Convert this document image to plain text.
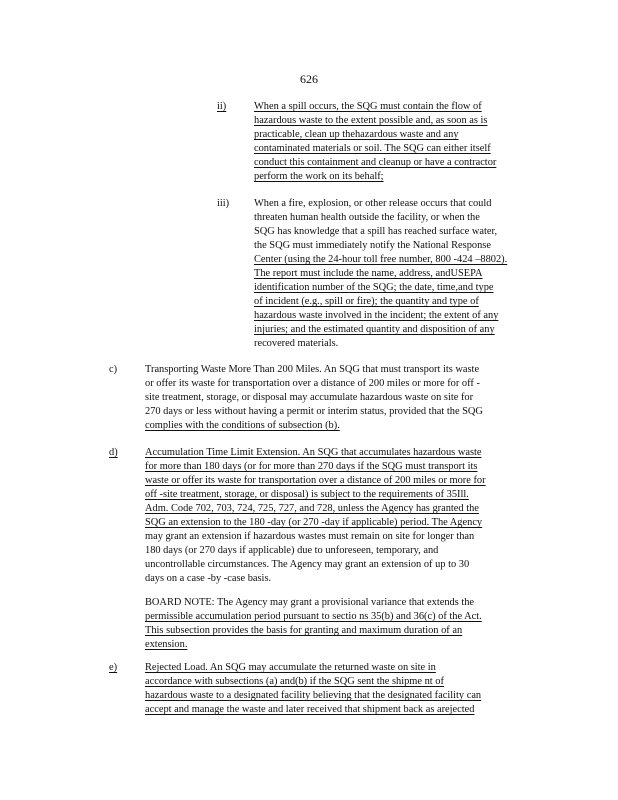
626
ii)	When a spill occurs, the SQG must contain the flow of
hazardous waste to the extent possible and, as soon as is
practicable, clean up thehazardous waste and any
contaminated materials or soil. The SQG can either itself
conduct this containment and cleanup or have a contractor
perform the work on its behalf;
iii) When a fire, explosion, or other release occurs that could
threaten human health outside the facility, or when the
SQG has knowledge that a spill has reached surface water,
the SQG must immediately notify the National Response
Center (using the 24-hour toll free number, 800 -424 –8802).
The report must include the name, address, andUSEPA
identification number of the SQG; the date, time,and type
of incident (e.g., spill or fire); the quantity and type of
hazardous waste involved in the incident; the extent of any
injuries; and the estimated quantity and disposition of any
recovered materials.
c)	Transporting Waste More Than 200 Miles. An SQG that must transport its waste
or offer its waste for transportation over a distance of 200 miles or more for off -
site treatment, storage, or disposal may accumulate hazardous waste on site for
270 days or less without having a permit or interim status, provided that the SQG
complies with the conditions of subsection (b).
d)	Accumulation Time Limit Extension. An SQG that accumulates hazardous waste
for more than 180 days (or for more than 270 days if the SQG must transport its
waste or offer its waste for transportation over a distance of 200 miles or more for
off -site treatment, storage, or disposal) is subject to the requirements of 35Ill.
Adm. Code 702, 703, 724, 725, 727, and 728, unless the Agency has granted the
SQG an extension to the 180 -day (or 270 -day if applicable) period. The Agency
may grant an extension if hazardous wastes must remain on site for longer than
180 days (or 270 days if applicable) due to unforeseen, temporary, and
uncontrollable circumstances. The Agency may grant an extension of up to 30
days on a case -by -case basis.
BOARD NOTE: The Agency may grant a provisional variance that extends the
permissible accumulation period pursuant to sectio ns 35(b) and 36(c) of the Act.
This subsection provides the basis for granting and maximum duration of an
extension.
e)	Rejected Load. An SQG may accumulate the returned waste on site in
accordance with subsections (a) and(b) if the SQG sent the shipme nt of
hazardous waste to a designated facility believing that the designated facility can
accept and manage the waste and later received that shipment back as arejected
